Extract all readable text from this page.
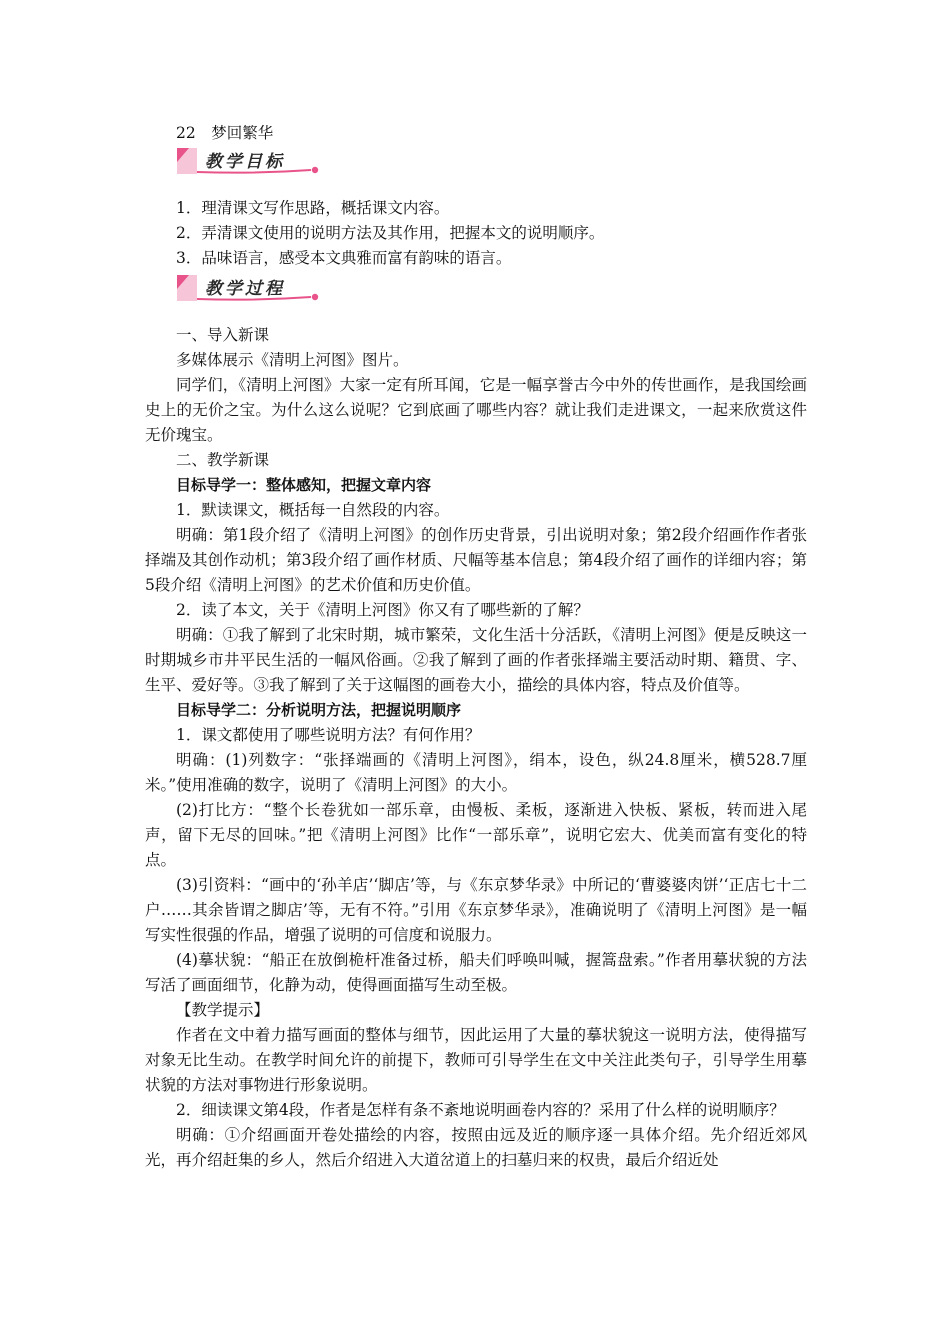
22　梦回繁华
教学目标
1．理清课文写作思路，概括课文内容。
2．弄清课文使用的说明方法及其作用，把握本文的说明顺序。
3．品味语言，感受本文典雅而富有韵味的语言。
教学过程
一、导入新课
多媒体展示《清明上河图》图片。

同学们，《清明上河图》大家一定有所耳闻，它是一幅享誉古今中外的传世画作，是我国绘画史上的无价之宝。为什么这么说呢？它到底画了哪些内容？就让我们走进课文，一起来欣赏这件无价瑰宝。

二、教学新课
目标导学一：整体感知，把握文章内容
1．默读课文，概括每一自然段的内容。

明确：第1段介绍了《清明上河图》的创作历史背景，引出说明对象；第2段介绍画作作者张择端及其创作动机；第3段介绍了画作材质、尺幅等基本信息；第4段介绍了画作的详细内容；第5段介绍《清明上河图》的艺术价值和历史价值。

2．读了本文，关于《清明上河图》你又有了哪些新的了解？

明确：①我了解到了北宋时期，城市繁荣，文化生活十分活跃，《清明上河图》便是反映这一时期城乡市井平民生活的一幅风俗画。②我了解到了画的作者张择端主要活动时期、籍贯、字、生平、爱好等。③我了解到了关于这幅图的画卷大小，描绘的具体内容，特点及价值等。

目标导学二：分析说明方法，把握说明顺序
1．课文都使用了哪些说明方法？有何作用？

明确：(1)列数字：“张择端画的《清明上河图》，绢本，设色，纵24.8厘米，横528.7厘米。”使用准确的数字，说明了《清明上河图》的大小。

(2)打比方：“整个长卷犹如一部乐章，由慢板、柔板，逐渐进入快板、紧板，转而进入尾声，留下无尽的回味。”把《清明上河图》比作“一部乐章”，说明它宏大、优美而富有变化的特点。

(3)引资料：“画中的‘孙羊店’‘脚店’等，与《东京梦华录》中所记的‘曹婆婆肉饼’‘正店七十二户……其余皆谓之脚店’等，无有不符。”引用《东京梦华录》，准确说明了《清明上河图》是一幅写实性很强的作品，增强了说明的可信度和说服力。

(4)摹状貌：“船正在放倒桅杆准备过桥，船夫们呼唤叫喊，握篙盘索。”作者用摹状貌的方法写活了画面细节，化静为动，使得画面描写生动至极。

【教学提示】

作者在文中着力描写画面的整体与细节，因此运用了大量的摹状貌这一说明方法，使得描写对象无比生动。在教学时间允许的前提下，教师可引导学生在文中关注此类句子，引导学生用摹状貌的方法对事物进行形象说明。

2．细读课文第4段，作者是怎样有条不紊地说明画卷内容的？采用了什么样的说明顺序？

明确：①介绍画面开卷处描绘的内容，按照由远及近的顺序逐一具体介绍。先介绍近郊风光，再介绍赶集的乡人，然后介绍进入大道岔道上的扫墓归来的权贵，最后介绍近处
